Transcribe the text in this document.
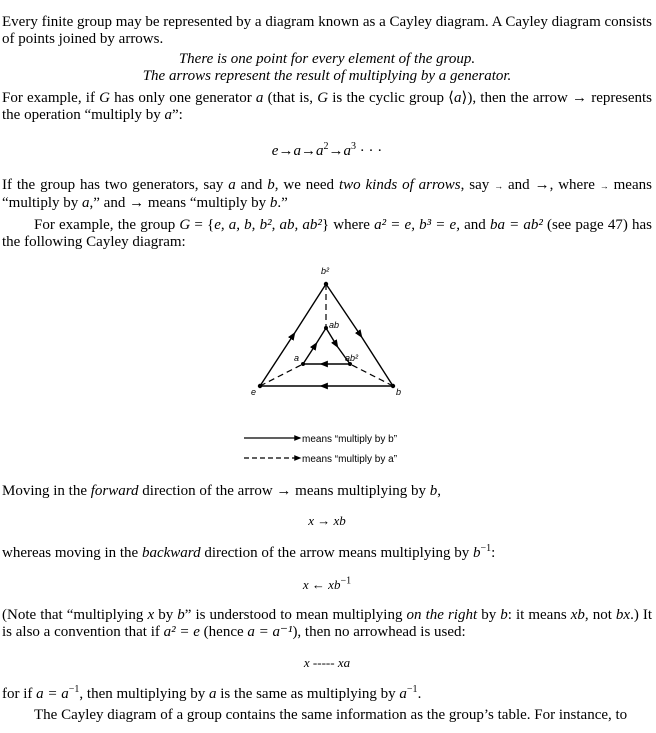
Every finite group may be represented by a diagram known as a Cayley diagram. A Cayley diagram consists of points joined by arrows.

There is one point for every element of the group.

The arrows represent the result of multiplying by a generator.

For example, if G has only one generator a (that is, G is the cyclic group ⟨a⟩), then the arrow → represents the operation “multiply by a”:

$e\to a\to a^2\to a^3$ · · ·

If the group has two generators, say a and b, we need two kinds of arrows, say → and →, where → means “multiply by a,” and → means “multiply by b.”

For example, the group G = {e, a, b, b², ab, ab²} where a² = e, b³ = e, and ba = ab² (see page 47) has the following Cayley diagram:

b²
ab
a	ab²
e	b
means “multiply by b”
means “multiply by a”

Moving in the forward direction of the arrow → means multiplying by b,

x → xb

whereas moving in the backward direction of the arrow means multiplying by $b^{-1}$:

x ← $xb^{-1}$

(Note that “multiplying x by b” is understood to mean multiplying on the right by b: it means xb, not bx.) It is also a convention that if a² = e (hence a = a⁻¹), then no arrowhead is used:

x ----- xa

for if $a = a^{-1}$, then multiplying by a is the same as multiplying by $a^{-1}$.

The Cayley diagram of a group contains the same information as the group’s table. For instance, to
